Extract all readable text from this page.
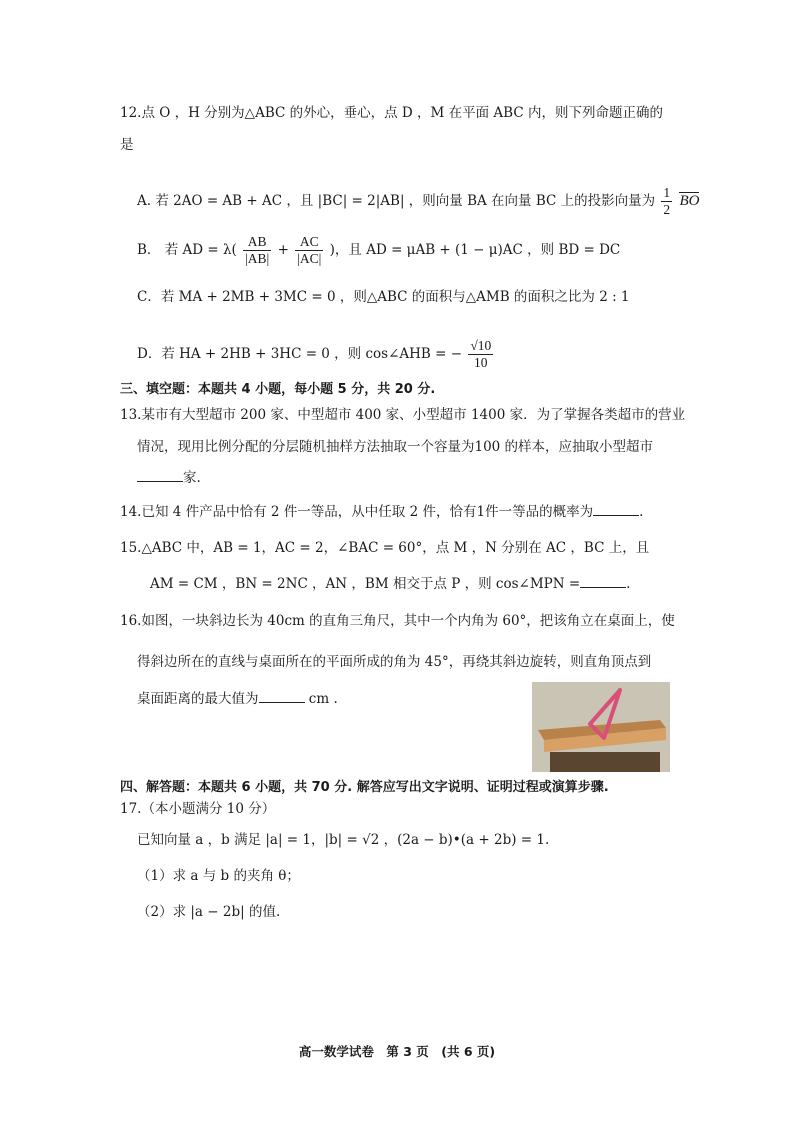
12.点 O ，H 分别为△ABC 的外心，垂心，点 D ，M 在平面 ABC 内，则下列命题正确的
是
A. 若 2AO = AB + AC ，且 |BC| = 2|AB| ，则向量 BA 在向量 BC 上的投影向量为 $\frac{1}{2}$ BO
B． 若 AD = $\lambda( \frac{AB}{|AB|} + \frac{AC}{|AC|}$ )，且 AD = μAB + (1 − μ)AC ，则 BD = DC
C．若 MA + 2MB + 3MC = 0 ，则△ABC 的面积与△AMB 的面积之比为 2 : 1
D．若 HA + 2HB + 3HC = 0 ，则 cos∠AHB = − $\frac{√10}{10}$
三、填空题：本题共 4 小题，每小题 5 分，共 20 分.
13.某市有大型超市 200 家、中型超市 400 家、小型超市 1400 家．为了掌握各类超市的营业
情况，现用比例分配的分层随机抽样方法抽取一个容量为100 的样本，应抽取小型超市
家.
14.已知 4 件产品中恰有 2 件一等品，从中任取 2 件，恰有1件一等品的概率为	.
15.△ABC 中，AB = 1，AC = 2，∠BAC = 60°，点 M ，N 分别在 AC ，BC 上，且
AM = CM ，BN = 2NC ，AN ，BM 相交于点 P ，则 cos∠MPN =	.
16.如图，一块斜边长为 40cm 的直角三角尺，其中一个内角为 60°，把该角立在桌面上，使
得斜边所在的直线与桌面所在的平面所成的角为 45°，再绕其斜边旋转，则直角顶点到
桌面距离的最大值为	cm .
四、解答题：本题共 6 小题，共 70 分. 解答应写出文字说明、证明过程或演算步骤.
17.（本小题满分 10 分）
已知向量 a ，b 满足 |a| = 1，|b| = √2 ，(2a − b)•(a + 2b) = 1.
（1）求 a 与 b 的夹角 θ；
（2）求 |a − 2b| 的值.
高一数学试卷　第 3 页　(共 6 页)
